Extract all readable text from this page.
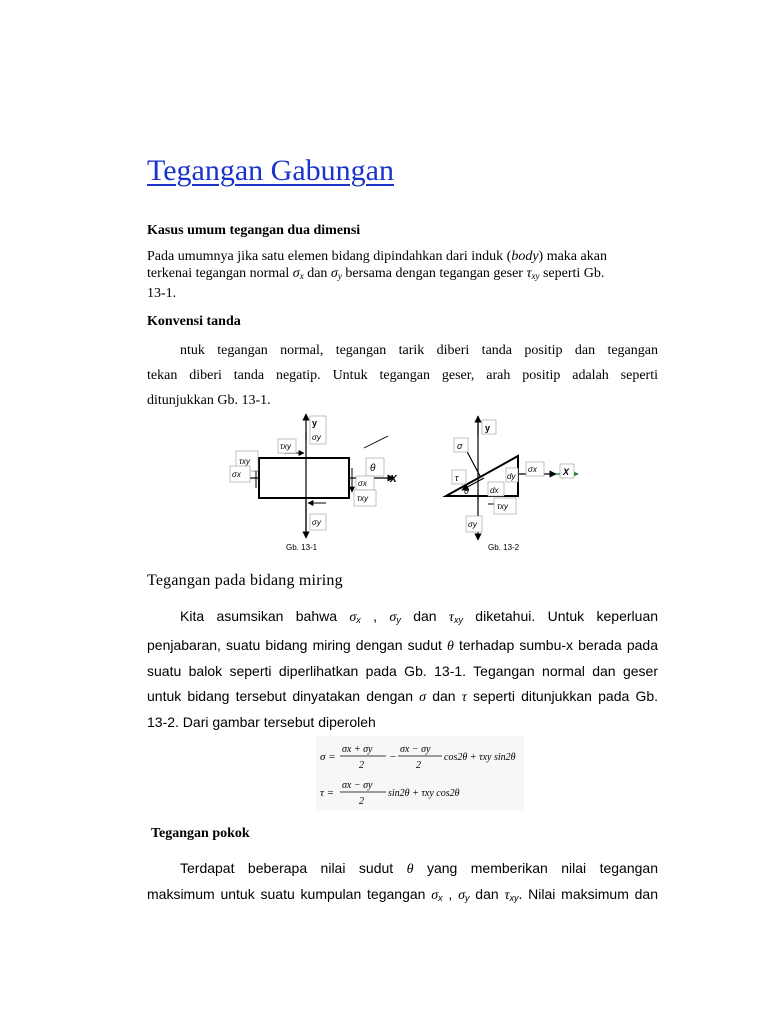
Tegangan Gabungan
Kasus umum tegangan dua dimensi
Pada umumnya jika satu elemen bidang dipindahkan dari induk (body) maka akan
terkenai tegangan normal $\sigma_x$ dan $\sigma_y$ bersama dengan tegangan geser $\tau_{xy}$ seperti Gb.
13-1.
Konvensi tanda
ntuk tegangan normal, tegangan tarik diberi tanda positip dan tegangan
tekan diberi tanda negatip. Untuk tegangan geser, arah positip adalah seperti
ditunjukkan Gb. 13-1.
y
σy
τxy
τxy
σx
θ
σx X
τxy
σy
Gb. 13-1
y
σ
τ
θ	dx
dy
σx	X
τxy
σy
Gb. 13-2
Tegangan pada bidang miring
Kita asumsikan bahwa $\sigma_x$ , $\sigma_y$ dan $\tau_{xy}$ diketahui. Untuk keperluan
penjabaran, suatu bidang miring dengan sudut θ terhadap sumbu-x berada pada
suatu balok seperti diperlihatkan pada Gb. 13-1. Tegangan normal dan geser
untuk bidang tersebut dinyatakan dengan σ dan τ seperti ditunjukkan pada Gb.
13-2. Dari gambar tersebut diperoleh
σ =
σx + σy
2
−
σx − σy
2
cos2θ + τxy sin2θ
τ =
σx − σy
2
sin2θ + τxy cos2θ
Tegangan pokok
Terdapat beberapa nilai sudut θ yang memberikan nilai tegangan
maksimum untuk suatu kumpulan tegangan $\sigma_x$ , $\sigma_y$ dan $\tau_{xy}$. Nilai maksimum dan
